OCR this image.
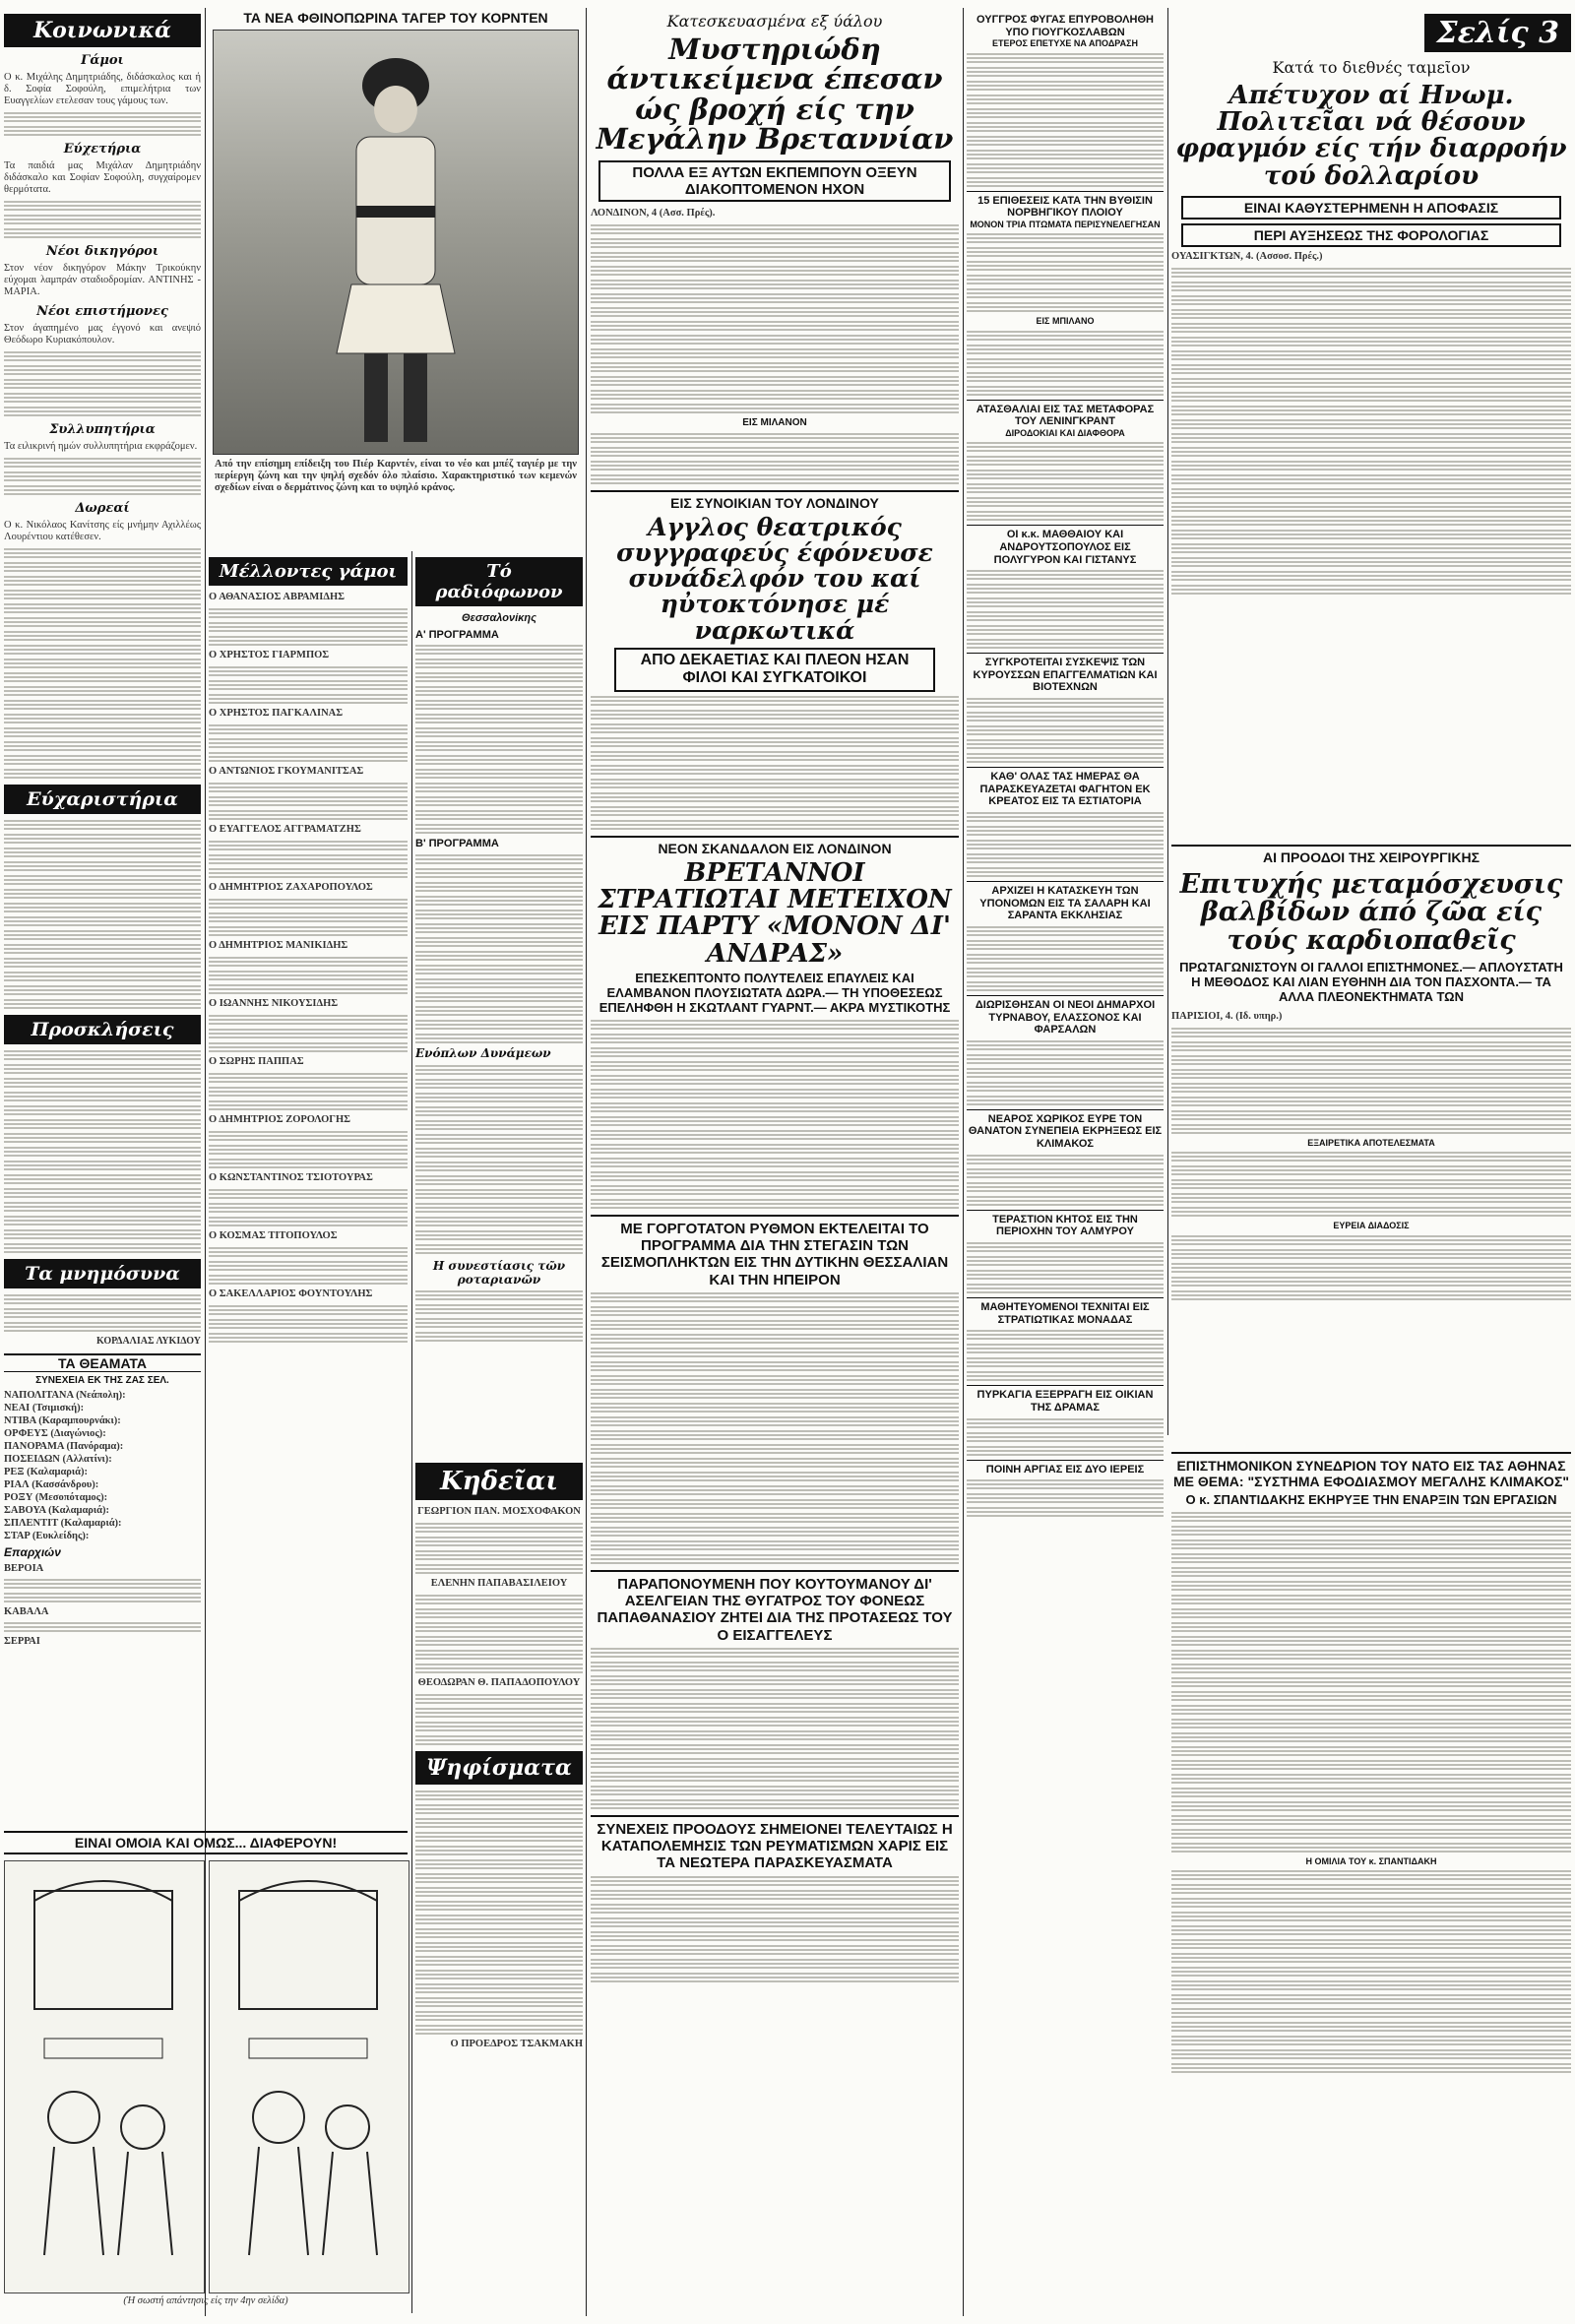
Κοινωνικά
Γάμοι

Ο κ. Μιχάλης Δημητριάδης, διδάσκαλος και ή δ. Σοφία Σοφούλη, επιμελήτρια των Ευαγγελίων ετελεσαν τους γάμους των.

Εύχετήρια

Τα παιδιά μας Μιχάλαν Δημητριάδην διδάσκαλο και Σοφίαν Σοφούλη, συγχαίρομεν θερμότατα.

Νέοι δικηγόροι

Στον νέον δικηγόρον Μάκην Τρικούκην εύχομαι λαμπράν σταδιοδρομίαν. ΑΝΤΙΝΗΣ - ΜΑΡΙΑ.

Νέοι επιστήμονες

Στον άγαπημένο μας έγγονό και ανεψιό Θεόδωρο Κυριακόπουλον.

Συλλυπητήρια

Τα ειλικρινή ημών συλλυπητήρια εκφράζομεν.

Δωρεαί

Ο κ. Νικόλαος Κανίτσης είς μνήμην Αχιλλέως Λουρέντιου κατέθεσεν.

Εύχαριστήρια
Προσκλήσεις
Τα μνημόσυνα
ΚΟΡΔΑΛΙΑΣ ΛΥΚΙΔΟΥ
ΤΑ ΘΕΑΜΑΤΑ
ΣΥΝΕΧΕΙΑ ΕΚ ΤΗΣ ΖΑΣ ΣΕΛ.
ΝΑΠΟΛΙΤΑΝΑ (Νεάπολη):
ΝΕΑΙ (Τσιμισκή):
ΝΤΙΒΑ (Καραμπουρνάκι):
ΟΡΦΕΥΣ (Διαγώνιος):
ΠΑΝΟΡΑΜΑ (Πανόραμα):
ΠΟΣΕΙΔΩΝ (Αλλατίνι):
ΡΕΞ (Καλαμαριά):
ΡΙΑΛ (Κασσάνδρου):
ΡΟΞΥ (Μεσοπόταμος):
ΣΑΒΟΥΑ (Καλαμαριά):
ΣΠΛΕΝΤΙΤ (Καλαμαριά):
ΣΤΑΡ (Ευκλείδης):
Επαρχιών
ΒΕΡΟΙΑ
ΚΑΒΑΛΑ
ΣΕΡΡΑΙ
ΤΑ ΝΕΑ ΦΘΙΝΟΠΩΡΙΝΑ ΤΑΓΕΡ ΤΟΥ ΚΟΡΝΤΕΝ

Από την επίσημη επίδειξη του Πιέρ Καρντέν, είναι το νέο και μπέζ ταγιέρ με την περίεργη ζώνη και την ψηλή σχεδόν όλο πλαίσιο. Χαρακτηριστικό των κεμενών σχεδίων είναι ο δερμάτινος ζώνη και το υψηλό κράνος.

Μέλλοντες γάμοι
Ο ΑΘΑΝΑΣΙΟΣ ΑΒΡΑΜΙΔΗΣ
Ο ΧΡΗΣΤΟΣ ΓΙΑΡΜΠΟΣ
Ο ΧΡΗΣΤΟΣ ΠΑΓΚΑΛΙΝΑΣ
Ο ΑΝΤΩΝΙΟΣ ΓΚΟΥΜΑΝΙΤΣΑΣ
Ο ΕΥΑΓΓΕΛΟΣ ΑΓΓΡΑΜΑΤΖΗΣ
Ο ΔΗΜΗΤΡΙΟΣ ΖΑΧΑΡΟΠΟΥΛΟΣ
Ο ΔΗΜΗΤΡΙΟΣ ΜΑΝΙΚΙΔΗΣ
Ο ΙΩΑΝΝΗΣ ΝΙΚΟΥΣΙΔΗΣ
Ο ΣΩΡΗΣ ΠΑΠΠΑΣ
Ο ΔΗΜΗΤΡΙΟΣ ΖΟΡΟΛΟΓΗΣ
Ο ΚΩΝΣΤΑΝΤΙΝΟΣ ΤΣΙΟΤΟΥΡΑΣ
Ο ΚΟΣΜΑΣ ΤΙΤΟΠΟΥΛΟΣ
Ο ΣΑΚΕΛΛΑΡΙΟΣ ΦΟΥΝΤΟΥΛΗΣ
Κηδεῖαι
ΓΕΩΡΓΙΟΝ ΠΑΝ. ΜΟΣΧΟΦΑΚΟΝ
ΕΛΕΝΗΝ ΠΑΠΑΒΑΣΙΛΕΙΟΥ
ΘΕΟΔΩΡΑΝ Θ. ΠΑΠΑΔΟΠΟΥΛΟΥ
Ψηφίσματα
Ο ΠΡΟΕΔΡΟΣ ΤΣΑΚΜΑΚΗ
Τό ραδιόφωνον
Θεσσαλονίκης
Α' ΠΡΟΓΡΑΜΜΑ
Β' ΠΡΟΓΡΑΜΜΑ
Ενόπλων Δυνάμεων
Η συνεστίασις τῶν ροταριανῶν
ΕΙΝΑΙ ΟΜΟΙΑ ΚΑΙ ΟΜΩΣ... ΔΙΑΦΕΡΟΥΝ!
(Ή σωστή απάντησις είς την 4ην σελίδα)
Κατεσκευασμένα εξ ύάλου
Μυστηριώδη άντικείμενα έπεσαν ώς βροχή είς την Μεγάλην Βρεταννίαν
ΠΟΛΛΑ ΕΞ ΑΥΤΩΝ ΕΚΠΕΜΠΟΥΝ ΟΞΕΥΝ ΔΙΑΚΟΠΤΟΜΕΝΟΝ ΗΧΟΝ
ΛΟΝΔΙΝΟΝ, 4 (Ασσ. Πρές).
ΕΙΣ ΜΙΛΑΝΟΝ
ΕΙΣ ΣΥΝΟΙΚΙΑΝ ΤΟΥ ΛΟΝΔΙΝΟΥ
Αγγλος θεατρικός συγγραφεύς έφόνευσε συνάδελφόν του καί ηὐτοκτόνησε μέ ναρκωτικά
ΑΠΟ ΔΕΚΑΕΤΙΑΣ ΚΑΙ ΠΛΕΟΝ ΗΣΑΝ ΦΙΛΟΙ ΚΑΙ ΣΥΓΚΑΤΟΙΚΟΙ
ΝΕΟΝ ΣΚΑΝΔΑΛΟΝ ΕΙΣ ΛΟΝΔΙΝΟΝ
ΒΡΕΤΑΝΝΟΙ ΣΤΡΑΤΙΩΤΑΙ ΜΕΤΕΙΧΟΝ ΕΙΣ ΠΑΡΤΥ «ΜΟΝΟΝ ΔΙ' ΑΝΔΡΑΣ»
ΕΠΕΣΚΕΠΤΟΝΤΟ ΠΟΛΥΤΕΛΕΙΣ ΕΠΑΥΛΕΙΣ ΚΑΙ ΕΛΑΜΒΑΝΟΝ ΠΛΟΥΣΙΩΤΑΤΑ ΔΩΡΑ.— ΤΗ ΥΠΟΘΕΣΕΩΣ ΕΠΕΛΗΦΘΗ Η ΣΚΩΤΛΑΝΤ ΓΥΑΡΝΤ.— ΑΚΡΑ ΜΥΣΤΙΚΟΤΗΣ
ΜΕ ΓΟΡΓΟΤΑΤΟΝ ΡΥΘΜΟΝ ΕΚΤΕΛΕΙΤΑΙ ΤΟ ΠΡΟΓΡΑΜΜΑ ΔΙΑ ΤΗΝ ΣΤΕΓΑΣΙΝ ΤΩΝ ΣΕΙΣΜΟΠΛΗΚΤΩΝ ΕΙΣ ΤΗΝ ΔΥΤΙΚΗΝ ΘΕΣΣΑΛΙΑΝ ΚΑΙ ΤΗΝ ΗΠΕΙΡΟΝ
ΠΑΡΑΠΟΝΟΥΜΕΝΗ ΠΟΥ ΚΟΥΤΟΥΜΑΝΟΥ ΔΙ' ΑΣΕΛΓΕΙΑΝ ΤΗΣ ΘΥΓΑΤΡΟΣ ΤΟΥ ΦΟΝΕΩΣ ΠΑΠΑΘΑΝΑΣΙΟΥ ΖΗΤΕΙ ΔΙΑ ΤΗΣ ΠΡΟΤΑΣΕΩΣ ΤΟΥ Ο ΕΙΣΑΓΓΕΛΕΥΣ
ΣΥΝΕΧΕΙΣ ΠΡΟΟΔΟΥΣ ΣΗΜΕΙΟΝΕΙ ΤΕΛΕΥΤΑΙΩΣ Η ΚΑΤΑΠΟΛΕΜΗΣΙΣ ΤΩΝ ΡΕΥΜΑΤΙΣΜΩΝ ΧΑΡΙΣ ΕΙΣ ΤΑ ΝΕΩΤΕΡΑ ΠΑΡΑΣΚΕΥΑΣΜΑΤΑ
ΟΥΓΓΡΟΣ ΦΥΓΑΣ ΕΠΥΡΟΒΟΛΗΘΗ ΥΠΟ ΓΙΟΥΓΚΟΣΛΑΒΩΝ
ΕΤΕΡΟΣ ΕΠΕΤΥΧΕ ΝΑ ΑΠΟΔΡΑΣΗ
15 ΕΠΙΘΕΣΕΙΣ ΚΑΤΑ ΤΗΝ ΒΥΘΙΣΙΝ ΝΟΡΒΗΓΙΚΟΥ ΠΛΟΙΟΥ
ΜΟΝΟΝ ΤΡΙΑ ΠΤΩΜΑΤΑ ΠΕΡΙΣΥΝΕΛΕΓΗΣΑΝ
ΕΙΣ ΜΠΙΛΑΝΟ
ΑΤΑΣΘΑΛΙΑΙ ΕΙΣ ΤΑΣ ΜΕΤΑΦΟΡΑΣ ΤΟΥ ΛΕΝΙΝΓΚΡΑΝΤ
ΔΙΡΟΔΟΚΙΑΙ ΚΑΙ ΔΙΑΦΘΟΡΑ
ΟΙ κ.κ. ΜΑΘΘΑΙΟΥ ΚΑΙ ΑΝΔΡΟΥΤΣΟΠΟΥΛΟΣ ΕΙΣ ΠΟΛΥΓΥΡΟΝ ΚΑΙ ΓΙΣΤΑΝΥΣ
ΣΥΓΚΡΟΤΕΙΤΑΙ ΣΥΣΚΕΨΙΣ ΤΩΝ ΚΥΡΟΥΣΣΩΝ ΕΠΑΓΓΕΛΜΑΤΙΩΝ ΚΑΙ ΒΙΟΤΕΧΝΩΝ
ΚΑΘ' ΟΛΑΣ ΤΑΣ ΗΜΕΡΑΣ ΘΑ ΠΑΡΑΣΚΕΥΑΖΕΤΑΙ ΦΑΓΗΤΟΝ ΕΚ ΚΡΕΑΤΟΣ ΕΙΣ ΤΑ ΕΣΤΙΑΤΟΡΙΑ
ΑΡΧΙΖΕΙ Η ΚΑΤΑΣΚΕΥΗ ΤΩΝ ΥΠΟΝΟΜΩΝ ΕΙΣ ΤΑ ΣΑΛΑΡΗ ΚΑΙ ΣΑΡΑΝΤΑ ΕΚΚΛΗΣΙΑΣ
ΔΙΩΡΙΣΘΗΣΑΝ ΟΙ ΝΕΟΙ ΔΗΜΑΡΧΟΙ ΤΥΡΝΑΒΟΥ, ΕΛΑΣΣΟΝΟΣ ΚΑΙ ΦΑΡΣΑΛΩΝ
ΝΕΑΡΟΣ ΧΩΡΙΚΟΣ ΕΥΡΕ ΤΟΝ ΘΑΝΑΤΟΝ ΣΥΝΕΠΕΙΑ ΕΚΡΗΞΕΩΣ ΕΙΣ ΚΛΙΜΑΚΟΣ
ΤΕΡΑΣΤΙΟΝ ΚΗΤΟΣ ΕΙΣ ΤΗΝ ΠΕΡΙΟΧΗΝ ΤΟΥ ΑΛΜΥΡΟΥ
ΜΑΘΗΤΕΥΟΜΕΝΟΙ ΤΕΧΝΙΤΑΙ ΕΙΣ ΣΤΡΑΤΙΩΤΙΚΑΣ ΜΟΝΑΔΑΣ
ΠΥΡΚΑΓΙΑ ΕΞΕΡΡΑΓΗ ΕΙΣ ΟΙΚΙΑΝ ΤΗΣ ΔΡΑΜΑΣ
ΠΟΙΝΗ ΑΡΓΙΑΣ ΕΙΣ ΔΥΟ ΙΕΡΕΙΣ
Σελίς 3
Κατά το διεθνές ταμεῖον
Απέτυχον αί Ηνωμ. Πολιτεῖαι νά θέσουν φραγμόν είς τήν διαρροήν τού δολλαρίου
ΕΙΝΑΙ ΚΑΘΥΣΤΕΡΗΜΕΝΗ Η ΑΠΟΦΑΣΙΣ
ΠΕΡΙ ΑΥΞΗΣΕΩΣ ΤΗΣ ΦΟΡΟΛΟΓΙΑΣ
ΟΥΑΣΙΓΚΤΩΝ, 4. (Ασσοσ. Πρές.)
ΑΙ ΠΡΟΟΔΟΙ ΤΗΣ ΧΕΙΡΟΥΡΓΙΚΗΣ
Επιτυχής μεταμόσχευσις βαλβίδων άπό ζῶα είς τούς καρδιοπαθεῖς
ΠΡΩΤΑΓΩΝΙΣΤΟΥΝ ΟΙ ΓΑΛΛΟΙ ΕΠΙΣΤΗΜΟΝΕΣ.— ΑΠΛΟΥΣΤΑΤΗ Η ΜΕΘΟΔΟΣ ΚΑΙ ΛΙΑΝ ΕΥΘΗΝΗ ΔΙΑ ΤΟΝ ΠΑΣΧΟΝΤΑ.— ΤΑ ΑΛΛΑ ΠΛΕΟΝΕΚΤΗΜΑΤΑ ΤΩΝ
ΠΑΡΙΣΙΟΙ, 4. (Ιδ. υπηρ.)
ΕΞΑΙΡΕΤΙΚΑ ΑΠΟΤΕΛΕΣΜΑΤΑ
ΕΥΡΕΙΑ ΔΙΑΔΟΣΙΣ
ΕΠΙΣΤΗΜΟΝΙΚΟΝ ΣΥΝΕΔΡΙΟΝ ΤΟΥ ΝΑΤΟ ΕΙΣ ΤΑΣ ΑΘΗΝΑΣ ΜΕ ΘΕΜΑ: "ΣΥΣΤΗΜΑ ΕΦΟΔΙΑΣΜΟΥ ΜΕΓΑΛΗΣ ΚΛΙΜΑΚΟΣ"
Ο κ. ΣΠΑΝΤΙΔΑΚΗΣ ΕΚΗΡΥΞΕ ΤΗΝ ΕΝΑΡΞΙΝ ΤΩΝ ΕΡΓΑΣΙΩΝ
Η ΟΜΙΛΙΑ ΤΟΥ κ. ΣΠΑΝΤΙΔΑΚΗ
